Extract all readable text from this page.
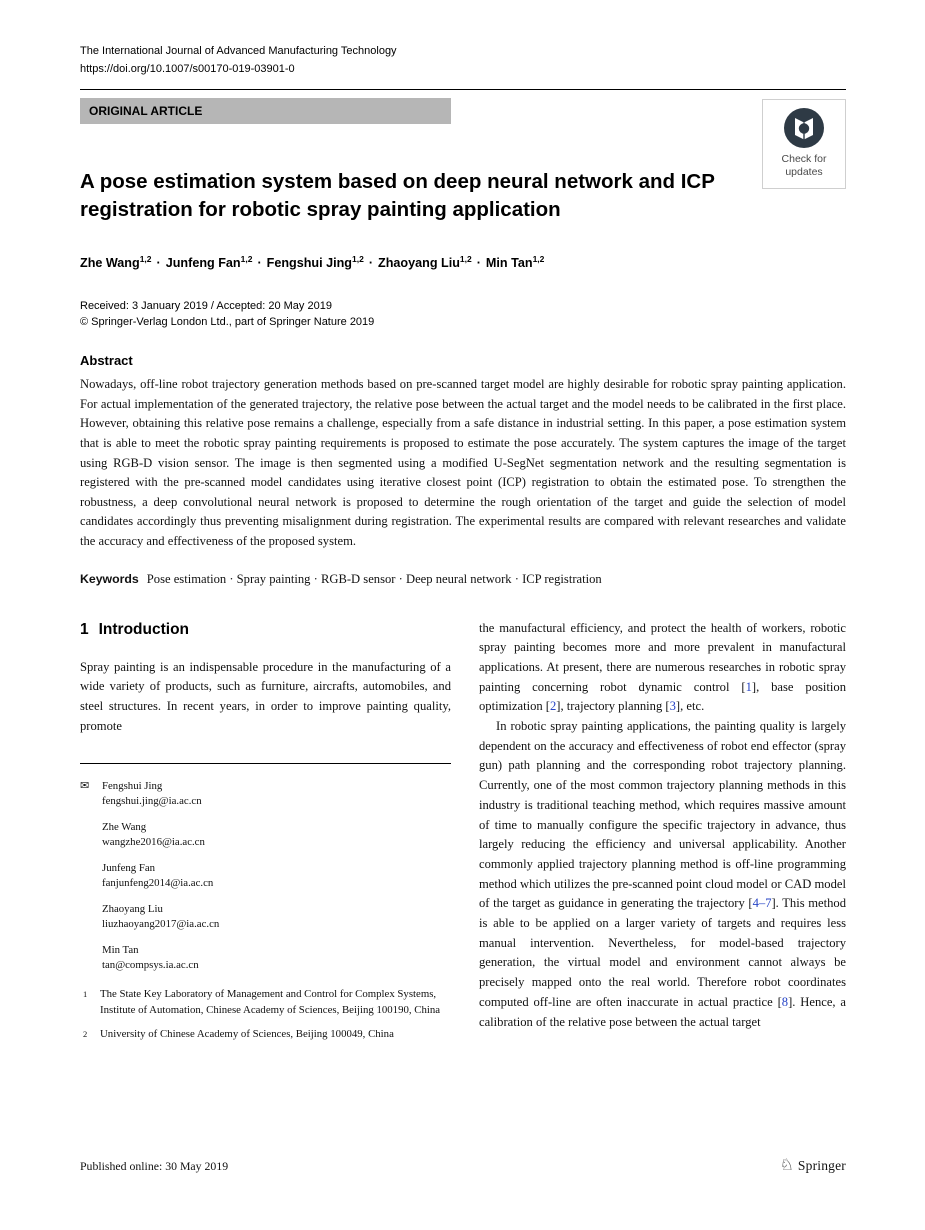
The International Journal of Advanced Manufacturing Technology
https://doi.org/10.1007/s00170-019-03901-0
ORIGINAL ARTICLE
Check for
updates
A pose estimation system based on deep neural network and ICP registration for robotic spray painting application
Zhe Wang$^{1,2}$ · Junfeng Fan$^{1,2}$ · Fengshui Jing$^{1,2}$ · Zhaoyang Liu$^{1,2}$ · Min Tan$^{1,2}$
Received: 3 January 2019 / Accepted: 20 May 2019
© Springer-Verlag London Ltd., part of Springer Nature 2019
Abstract
Nowadays, off-line robot trajectory generation methods based on pre-scanned target model are highly desirable for robotic spray painting application. For actual implementation of the generated trajectory, the relative pose between the actual target and the model needs to be calibrated in the first place. However, obtaining this relative pose remains a challenge, especially from a safe distance in industrial setting. In this paper, a pose estimation system that is able to meet the robotic spray painting requirements is proposed to estimate the pose accurately. The system captures the image of the target using RGB-D vision sensor. The image is then segmented using a modified U-SegNet segmentation network and the resulting segmentation is registered with the pre-scanned model candidates using iterative closest point (ICP) registration to obtain the estimated pose. To strengthen the robustness, a deep convolutional neural network is proposed to determine the rough orientation of the target and guide the selection of model candidates accordingly thus preventing misalignment during registration. The experimental results are compared with relevant researches and validate the accuracy and effectiveness of the proposed system.
Keywords Pose estimation · Spray painting · RGB-D sensor · Deep neural network · ICP registration
1 Introduction

Spray painting is an indispensable procedure in the manufacturing of a wide variety of products, such as furniture, aircrafts, automobiles, and steel structures. In recent years, in order to improve painting quality, promote

✉ Fengshui Jing
fengshui.jing@ia.ac.cn
Zhe Wang
wangzhe2016@ia.ac.cn
Junfeng Fan
fanjunfeng2014@ia.ac.cn
Zhaoyang Liu
liuzhaoyang2017@ia.ac.cn
Min Tan
tan@compsys.ia.ac.cn
1 The State Key Laboratory of Management and Control for Complex Systems, Institute of Automation, Chinese Academy of Sciences, Beijing 100190, China
2 University of Chinese Academy of Sciences, Beijing 100049, China

the manufactural efficiency, and protect the health of workers, robotic spray painting becomes more and more prevalent in manufactural applications. At present, there are numerous researches in robotic spray painting concerning robot dynamic control [1], base position optimization [2], trajectory planning [3], etc.

In robotic spray painting applications, the painting quality is largely dependent on the accuracy and effectiveness of robot end effector (spray gun) path planning and the corresponding robot trajectory planning. Currently, one of the most common trajectory planning methods in this industry is traditional teaching method, which requires massive amount of time to manually configure the specific trajectory in advance, thus largely reducing the efficiency and universal applicability. Another commonly applied trajectory planning method is off-line programming method which utilizes the pre-scanned point cloud model or CAD model of the target as guidance in generating the trajectory [4–7]. This method is able to be applied on a larger variety of targets and requires less manual intervention. Nevertheless, for model-based trajectory generation, the virtual model and environment cannot always be precisely mapped onto the real world. Therefore robot coordinates computed off-line are often inaccurate in actual practice [8]. Hence, a calibration of the relative pose between the actual target

Published online: 30 May 2019	♘ Springer
